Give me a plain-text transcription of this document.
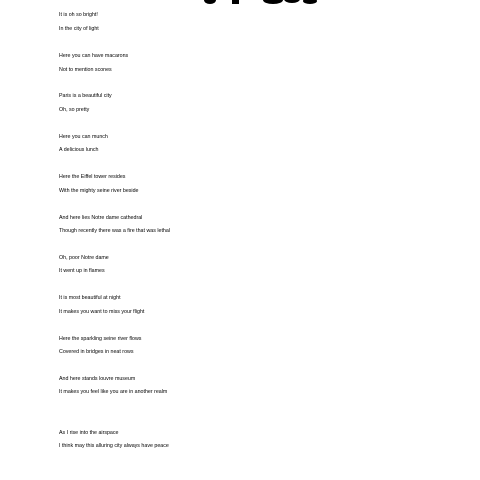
It is oh so bright!

In the city of light

Here you can have macarons

Not to mention scones

Paris is a beautiful city

Oh, so pretty

Here you can munch

A delicious lunch

Here the Eiffel tower resides

With the mighty seine river beside

And here lies Notre dame cathedral

Though recently there was a fire that was lethal

Oh, poor Notre dame

It went up in flames

It is most beautiful at night

It makes you want to miss your flight

Here the sparkling seine river flows

Covered in bridges in neat rows

And here stands louvre museum

It makes you feel like you are in another realm

As I rise into the airspace

I think may this alluring city always have peace
